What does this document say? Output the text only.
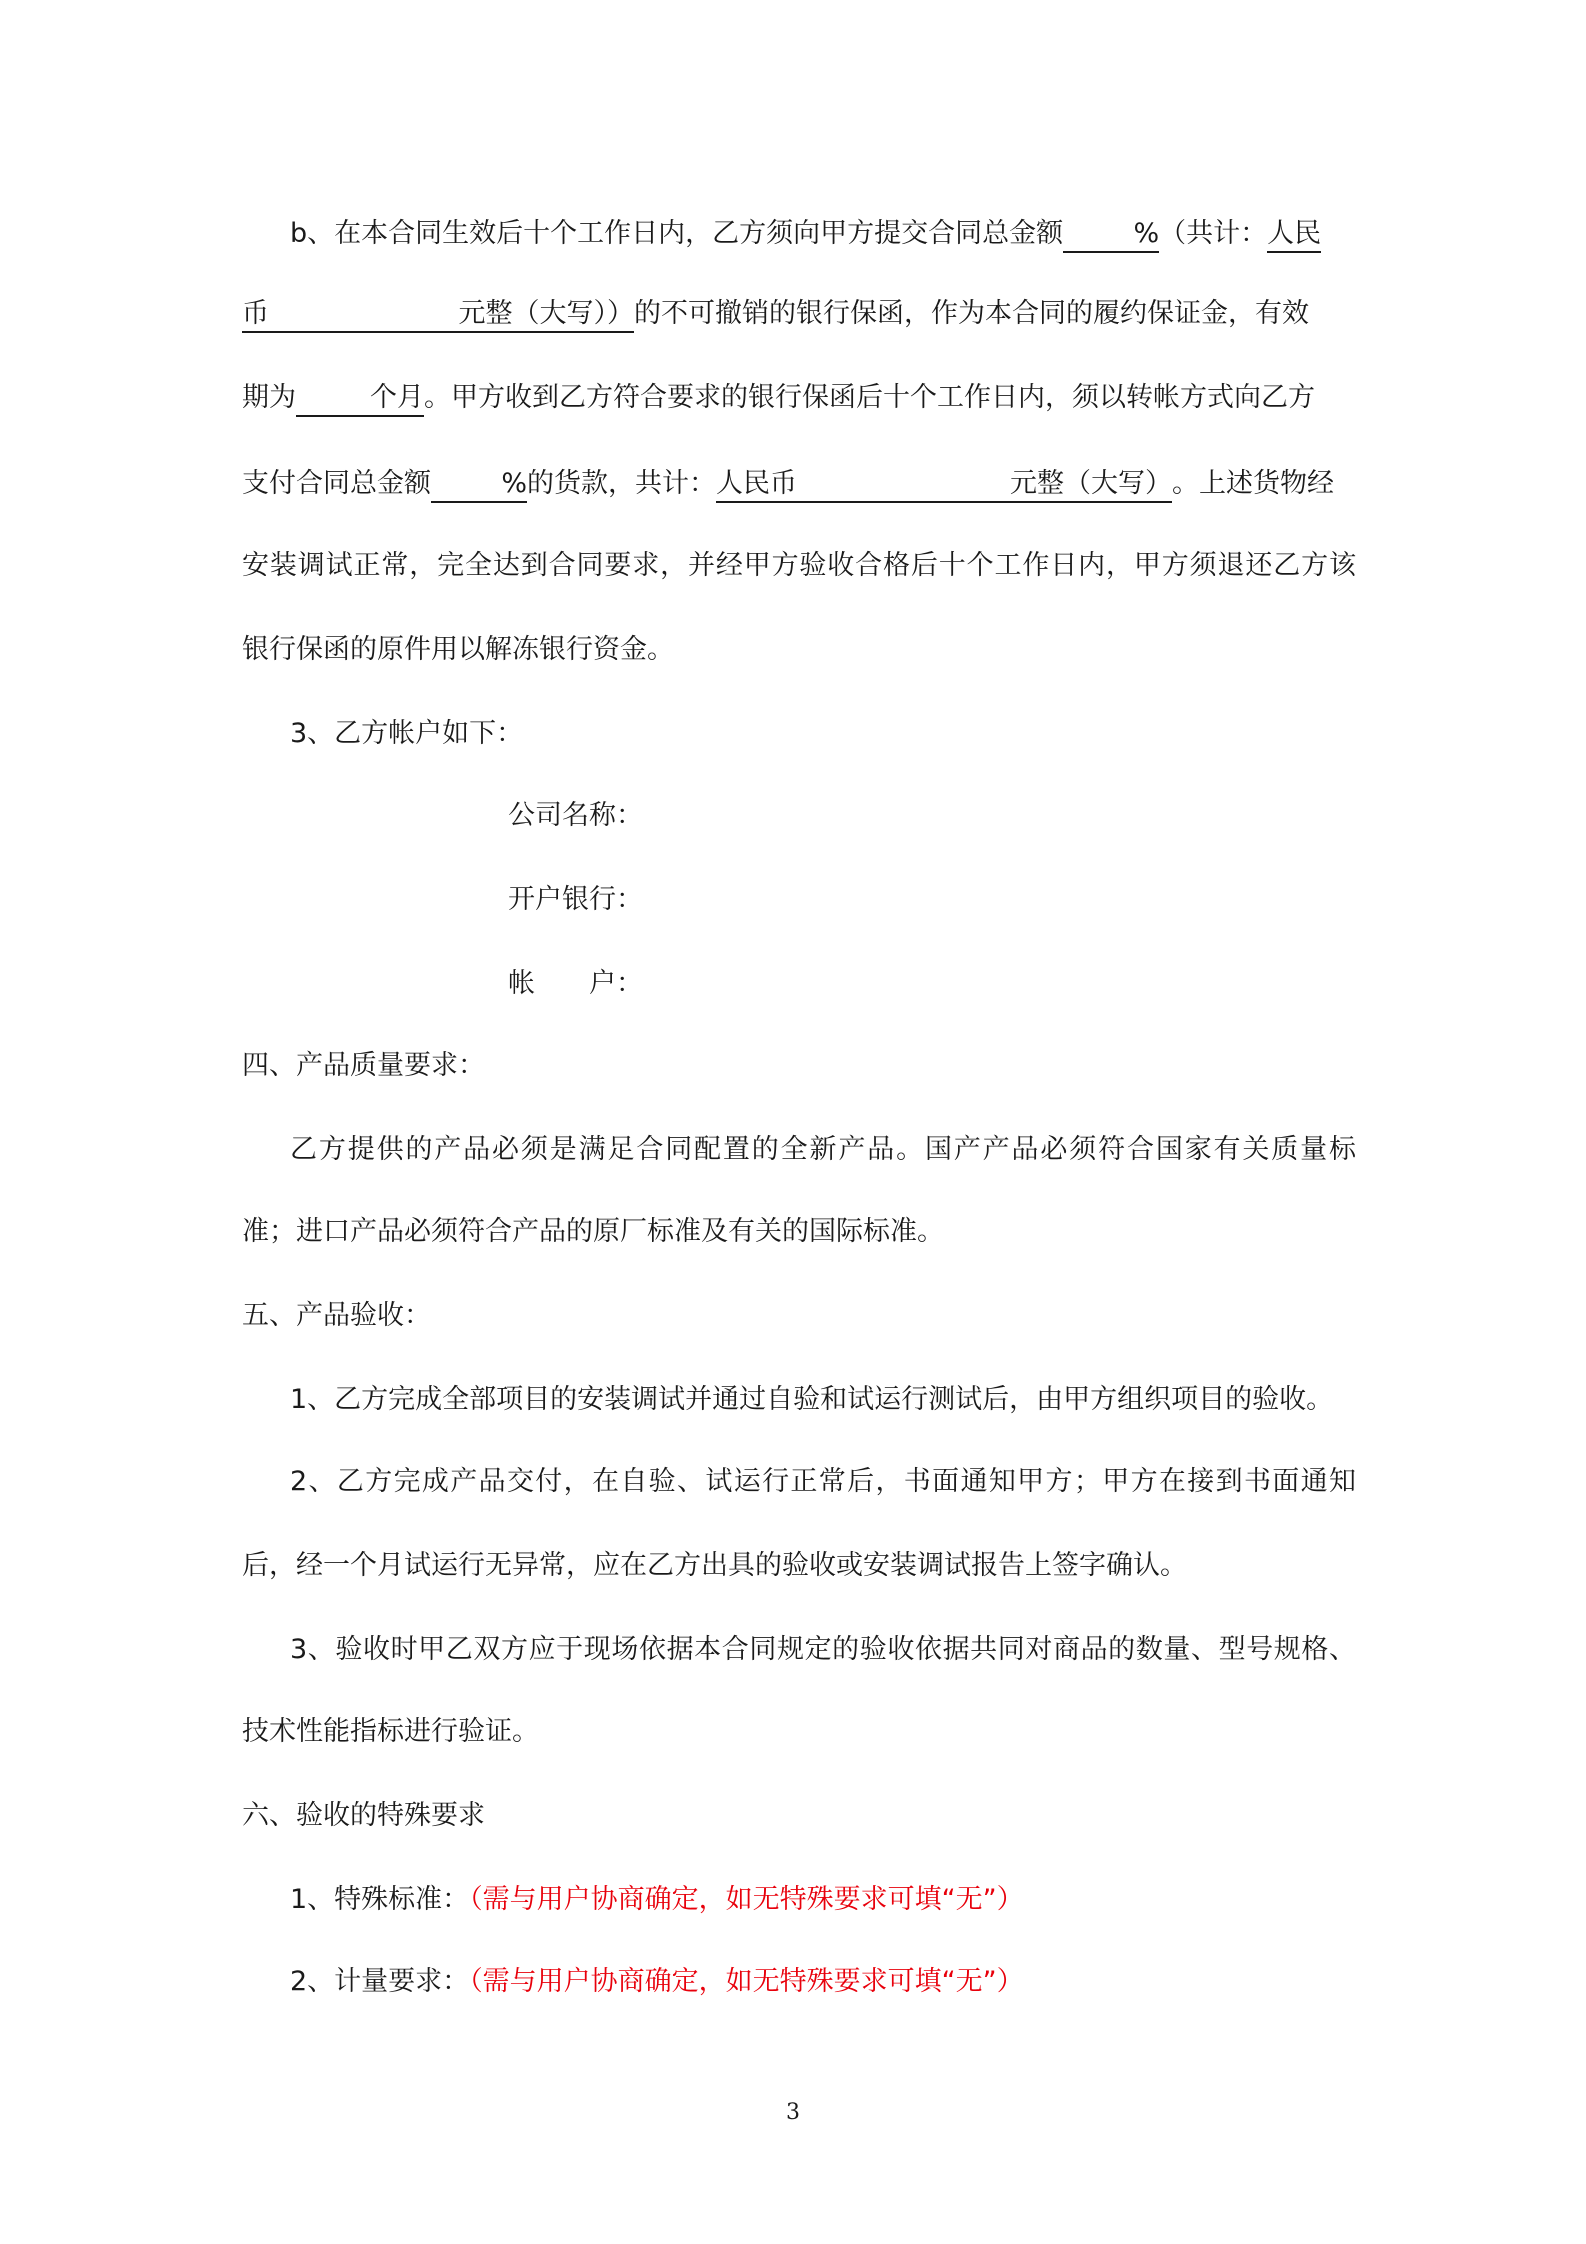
b、在本合同生效后十个工作日内，乙方须向甲方提交合同总金额	%（共计：人民
币	元整（大写）） 的不可撤销的银行保函，作为本合同的履约保证金，有效
期为	个月。甲方收到乙方符合要求的银行保函后十个工作日内，须以转帐方式向乙方
支付合同总金额	%的货款，共计：人民币	元整（大写） 。上述货物经
安装调试正常，完全达到合同要求，并经甲方验收合格后十个工作日内，甲方须退还乙方该
银行保函的原件用以解冻银行资金。
3、乙方帐户如下：
公司名称：
开户银行：
帐　　户：
四、产品质量要求：
乙方提供的产品必须是满足合同配置的全新产品。国产产品必须符合国家有关质量标
准；进口产品必须符合产品的原厂标准及有关的国际标准。
五、产品验收：
1、乙方完成全部项目的安装调试并通过自验和试运行测试后，由甲方组织项目的验收。
2、乙方完成产品交付，在自验、试运行正常后，书面通知甲方；甲方在接到书面通知
后，经一个月试运行无异常，应在乙方出具的验收或安装调试报告上签字确认。
3、验收时甲乙双方应于现场依据本合同规定的验收依据共同对商品的数量、型号规格、
技术性能指标进行验证。
六、验收的特殊要求
1、特殊标准：（需与用户协商确定，如无特殊要求可填“无”）
2、计量要求：（需与用户协商确定，如无特殊要求可填“无”）
3
